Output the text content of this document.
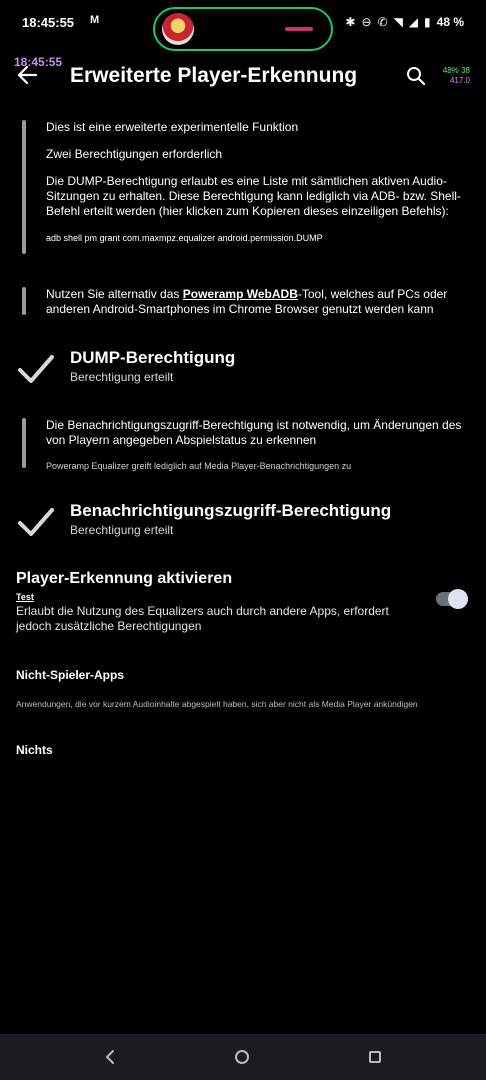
18:45:55 M	✱ ⊖ ✆ ◥ ◢ ▮ 48 %
18:45:55
Erweiterte Player-Erkennung	48% 38
417.0

Dies ist eine erweiterte experimentelle Funktion

Zwei Berechtigungen erforderlich

Die DUMP-Berechtigung erlaubt es eine Liste mit sämtlichen aktiven Audio-Sitzungen zu erhalten. Diese Berechtigung kann lediglich via ADB- bzw. Shell-Befehl erteilt werden (hier klicken zum Kopieren dieses einzeiligen Befehls):

adb shell pm grant com.maxmpz.equalizer android.permission.DUMP

Nutzen Sie alternativ das Poweramp WebADB-Tool, welches auf PCs oder anderen Android-Smartphones im Chrome Browser genutzt werden kann
DUMP-Berechtigung
Berechtigung erteilt

Die Benachrichtigungszugriff-Berechtigung ist notwendig, um Änderungen des von Playern angegeben Abspielstatus zu erkennen

Poweramp Equalizer greift lediglich auf Media Player-Benachrichtigungen zu

Benachrichtigungszugriff-Berechtigung
Berechtigung erteilt
Player-Erkennung aktivieren
Test
Erlaubt die Nutzung des Equalizers auch durch andere Apps, erfordert jedoch zusätzliche Berechtigungen
Nicht-Spieler-Apps
Anwendungen, die vor kurzem Audioinhalte abgespielt haben, sich aber nicht als Media Player ankündigen
Nichts
